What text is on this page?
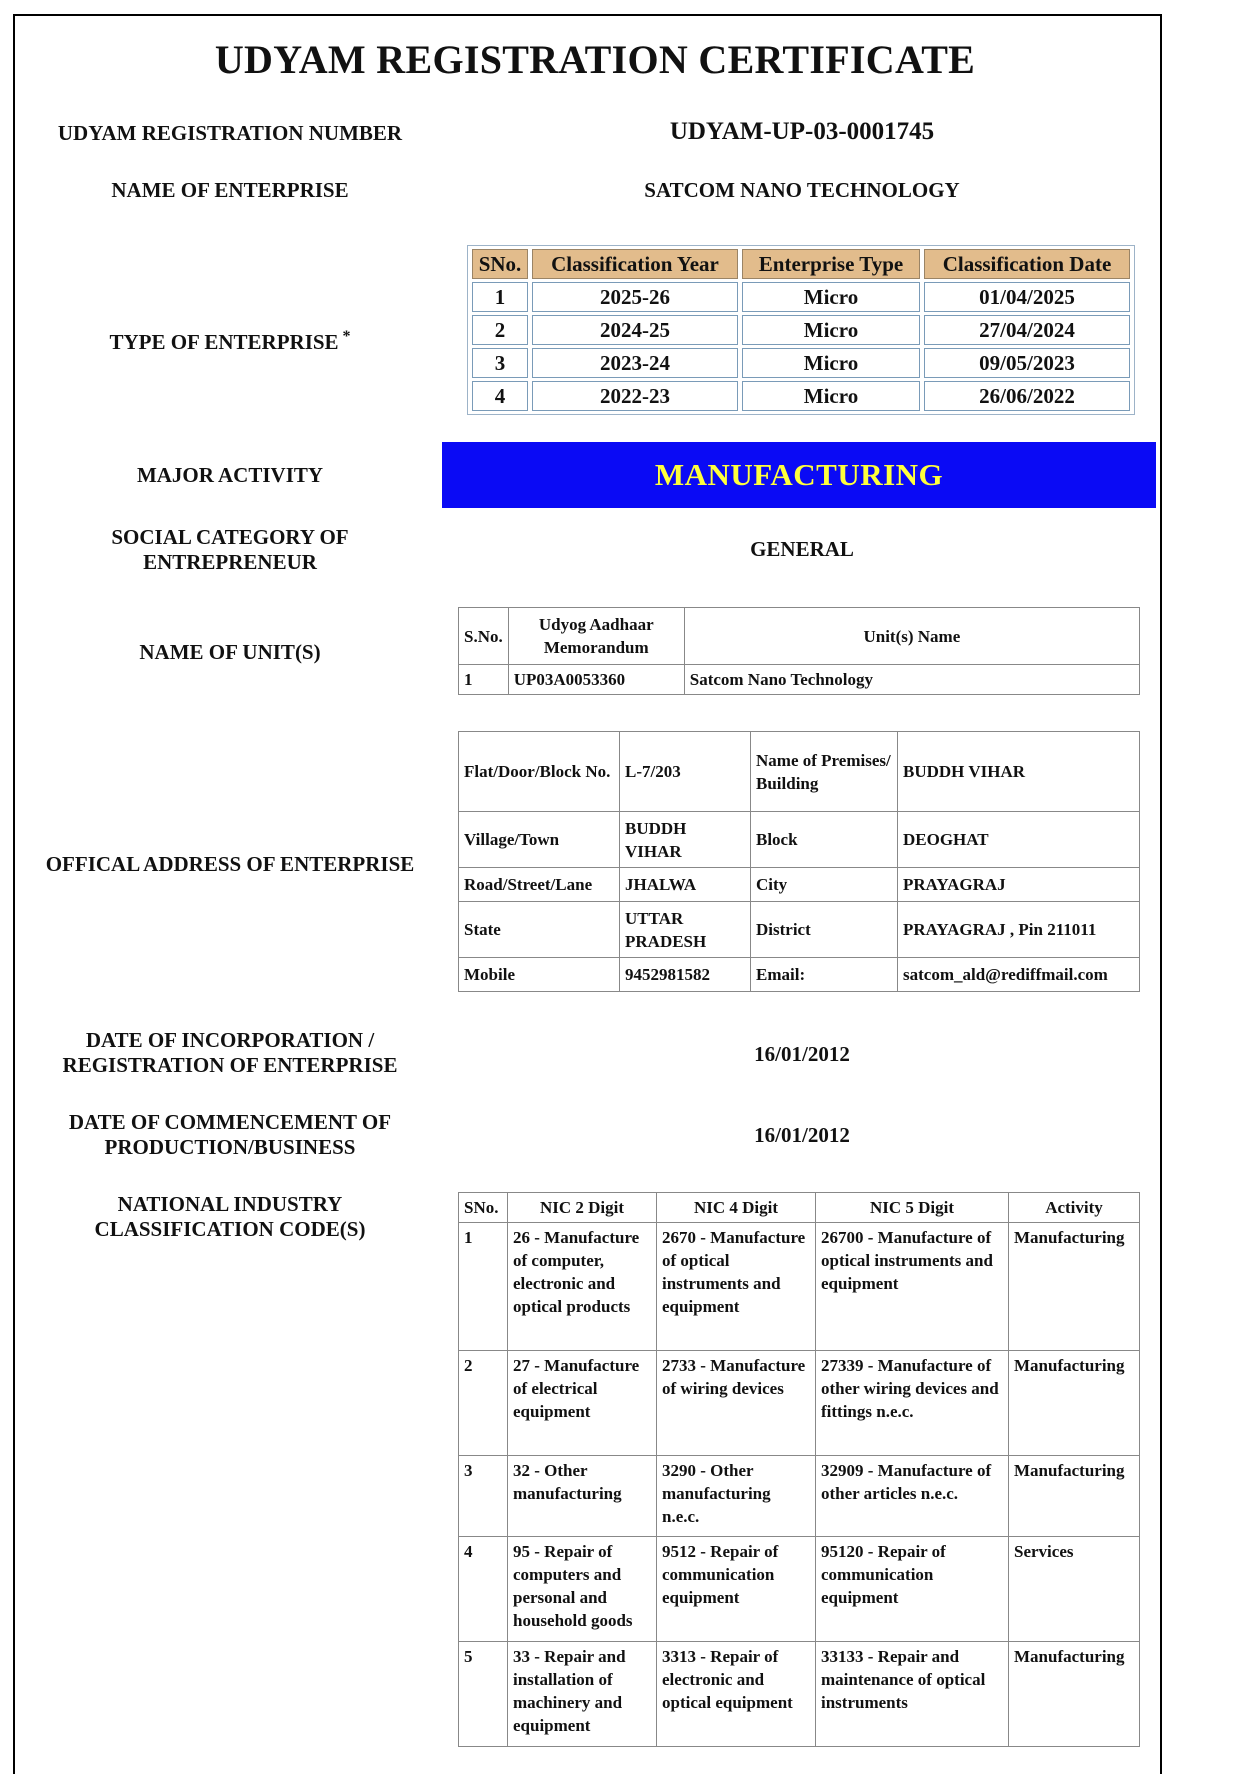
UDYAM REGISTRATION CERTIFICATE
UDYAM REGISTRATION NUMBER	UDYAM-UP-03-0001745
NAME OF ENTERPRISE	SATCOM NANO TECHNOLOGY
TYPE OF ENTERPRISE *
SNo.	Classification Year	Enterprise Type	Classification Date
1	2025-26	Micro	01/04/2025
2	2024-25	Micro	27/04/2024
3	2023-24	Micro	09/05/2023
4	2022-23	Micro	26/06/2022
MAJOR ACTIVITY	MANUFACTURING
SOCIAL CATEGORY OF
ENTREPRENEUR
GENERAL
NAME OF UNIT(S)
S.No.	Udyog Aadhaar Memorandum	Unit(s) Name
1	UP03A0053360	Satcom Nano Technology
OFFICAL ADDRESS OF ENTERPRISE
Flat/Door/Block No.	L-7/203	Name of Premises/ Building	BUDDH VIHAR
Village/Town	BUDDH VIHAR	Block	DEOGHAT
Road/Street/Lane	JHALWA	City	PRAYAGRAJ
State	UTTAR PRADESH	District	PRAYAGRAJ , Pin 211011
Mobile	9452981582	Email:	satcom_ald@rediffmail.com
DATE OF INCORPORATION /
REGISTRATION OF ENTERPRISE	16/01/2012
DATE OF COMMENCEMENT OF
PRODUCTION/BUSINESS	16/01/2012
NATIONAL INDUSTRY
CLASSIFICATION CODE(S)
SNo.	NIC 2 Digit	NIC 4 Digit	NIC 5 Digit	Activity
1	26 - Manufacture of computer, electronic and optical products	2670 - Manufacture of optical instruments and equipment	26700 - Manufacture of optical instruments and equipment	Manufacturing
2	27 - Manufacture of electrical equipment	2733 - Manufacture of wiring devices	27339 - Manufacture of other wiring devices and fittings n.e.c.	Manufacturing
3	32 - Other manufacturing	3290 - Other manufacturing n.e.c.	32909 - Manufacture of other articles n.e.c.	Manufacturing
4	95 - Repair of computers and personal and household goods	9512 - Repair of communication equipment	95120 - Repair of communication equipment	Services
5	33 - Repair and installation of machinery and equipment	3313 - Repair of electronic and optical equipment	33133 - Repair and maintenance of optical instruments	Manufacturing
